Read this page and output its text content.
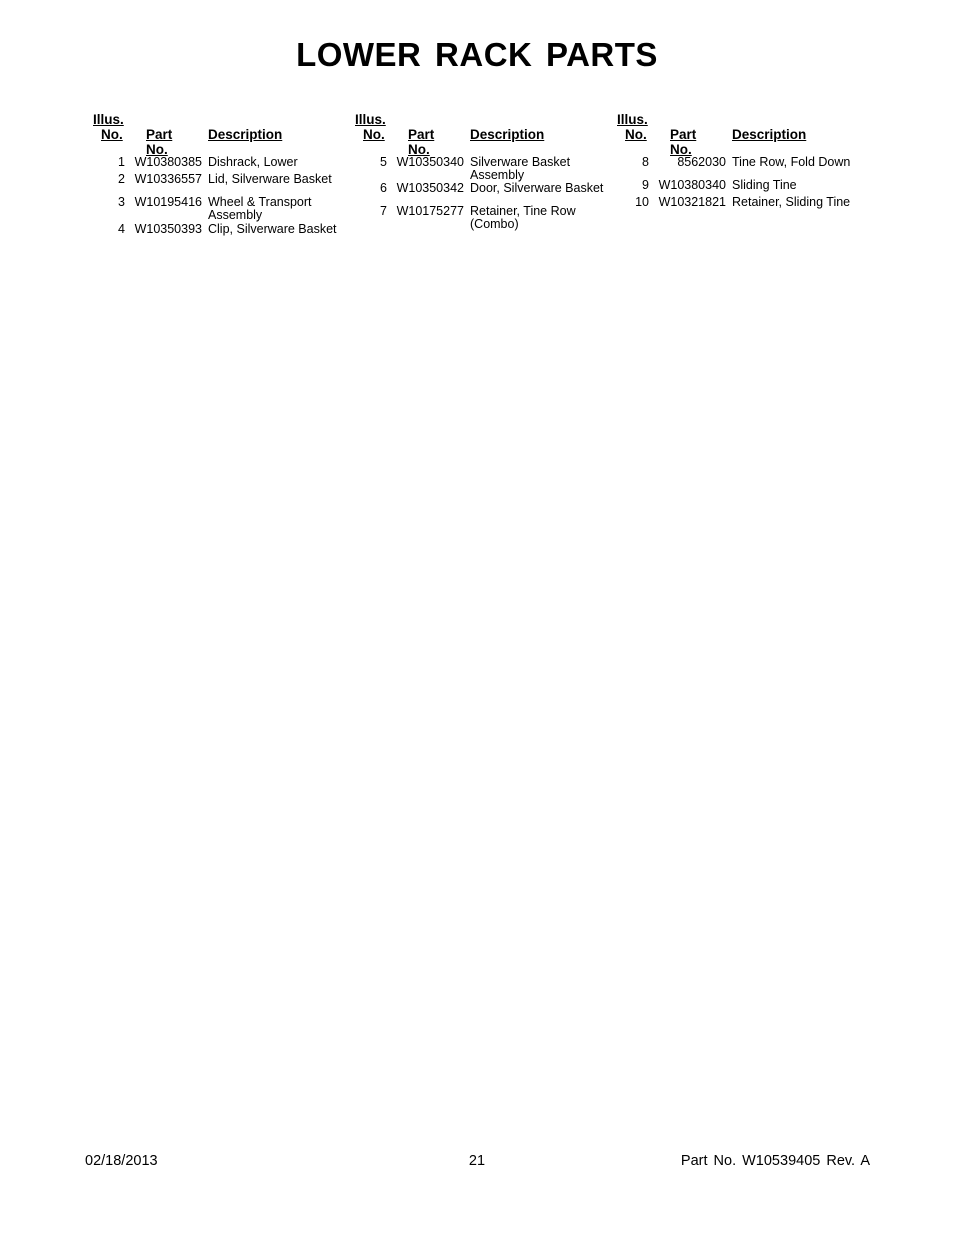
LOWER RACK PARTS
Illus.
No. Part No.
Description
1 W10380385 Dishrack, Lower
2 W10336557 Lid, Silverware Basket
3 W10195416 Wheel & Transport Assembly
4 W10350393 Clip, Silverware Basket
Illus.
No. Part No.
Description
5 W10350340 Silverware Basket Assembly
6 W10350342 Door, Silverware Basket
7 W10175277 Retainer, Tine Row (Combo)
Illus.
No. Part No.
Description
8	8562030 Tine Row, Fold Down
9 W10380340 Sliding Tine
10 W10321821 Retainer, Sliding Tine
02/18/2013	21	Part No. W10539405 Rev. A
